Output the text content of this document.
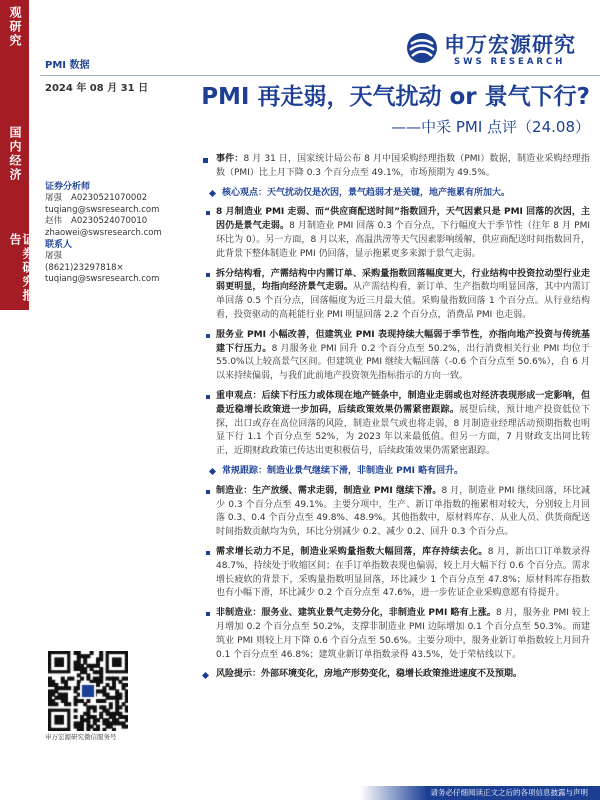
观研究
国内经济
证券研究报告
PMI 数据
申万宏源研究
SWS RESEARCH
2024 年 08 月 31 日 PMI 再走弱，天气扰动 or 景气下行?
——中采 PMI 点评（24.08）
证券分析师
屠强 A0230521070002
tuqiang@swsresearch.com
赵伟 A0230524070010
zhaowei@swsresearch.com
联系人
屠强
(8621)23297818×
tuqiang@swsresearch.com
申万宏源研究微信服务号

事件：8 月 31 日，国家统计局公布 8 月中国采购经理指数（PMI）数据，制造业采购经理指数（PMI）比上月下降 0.3 个百分点至 49.1%，市场预期为 49.5%。

核心观点：天气扰动仅是次因，景气趋弱才是关键，地产拖累有所加大。

8 月制造业 PMI 走弱、而“供应商配送时间”指数回升，天气因素只是 PMI 回落的次因，主因仍是景气走弱。8 月制造业 PMI 回落 0.3 个百分点，下行幅度大于季节性（往年 8 月 PMI 环比为 0）。另一方面，8 月以来，高温洪涝等天气因素影响缓解，供应商配送时间指数回升，此背景下整体制造业 PMI 仍回落，显示拖累更多来源于景气走弱。

拆分结构看，产需结构中内需订单、采购量指数回落幅度更大，行业结构中投资拉动型行业走弱更明显，均指向经济景气走弱。从产需结构看，新订单、生产指数均明显回落，其中内需订单回落 0.5 个百分点，回落幅度为近三月最大值。采购量指数回落 1 个百分点。从行业结构看，投资驱动的高耗能行业 PMI 明显回落 2.2 个百分点，消费品 PMI 也走弱。

服务业 PMI 小幅改善，但建筑业 PMI 表现持续大幅弱于季节性，亦指向地产投资与传统基建下行压力。8 月服务业 PMI 回升 0.2 个百分点至 50.2%，出行消费相关行业 PMI 均位于 55.0%以上较高景气区间。但建筑业 PMI 继续大幅回落（-0.6 个百分点至 50.6%），自 6 月以来持续偏弱，与我们此前地产投资领先指标指示的方向一致。

重申观点：后续下行压力或体现在地产链条中，制造业走弱或也对经济表现形成一定影响，但最近稳增长政策进一步加码，后续政策效果仍需紧密跟踪。展望后续，预计地产投资低位下探，出口或存在高位回落的风险，制造业景气或也将走弱，8 月制造业经理活动预期指数也明显下行 1.1 个百分点至 52%，为 2023 年以来最低值。但另一方面，7 月财政支出同比转正，近期财政政策已传达出更积极信号，后续政策效果仍需紧密跟踪。

常规跟踪：制造业景气继续下滑，非制造业 PMI 略有回升。

制造业：生产放缓、需求走弱，制造业 PMI 继续下滑。8 月，制造业 PMI 继续回落，环比减少 0.3 个百分点至 49.1%。主要分项中，生产、新订单指数的拖累相对较大，分别较上月回落 0.3、0.4 个百分点至 49.8%、48.9%。其他指数中，原材料库存、从业人员、供货商配送时间指数贡献均为负，环比分别减少 0.2、减少 0.2、回升 0.3 个百分点。

需求增长动力不足，制造业采购量指数大幅回落，库存持续去化。8 月，新出口订单数录得 48.7%，持续处于收缩区间；在手订单指数表现也偏弱，较上月大幅下行 0.6 个百分点。需求增长疲软的背景下，采购量指数明显回落，环比减少 1 个百分点至 47.8%；原材料库存指数也有小幅下滑，环比减少 0.2 个百分点至 47.6%，进一步佐证企业采购意愿有待提升。

非制造业：服务业、建筑业景气走势分化，非制造业 PMI 略有上涨。8 月，服务业 PMI 较上月增加 0.2 个百分点至 50.2%，支撑非制造业 PMI 边际增加 0.1 个百分点至 50.3%。而建筑业 PMI 则较上月下降 0.6 个百分点至 50.6%。主要分项中，服务业新订单指数较上月回升 0.1 个百分点至 46.8%；建筑业新订单指数录得 43.5%，处于荣枯线以下。

风险提示：外部环境变化，房地产形势变化，稳增长政策推进速度不及预期。

请务必仔细阅读正文之后的各项信息披露与声明
